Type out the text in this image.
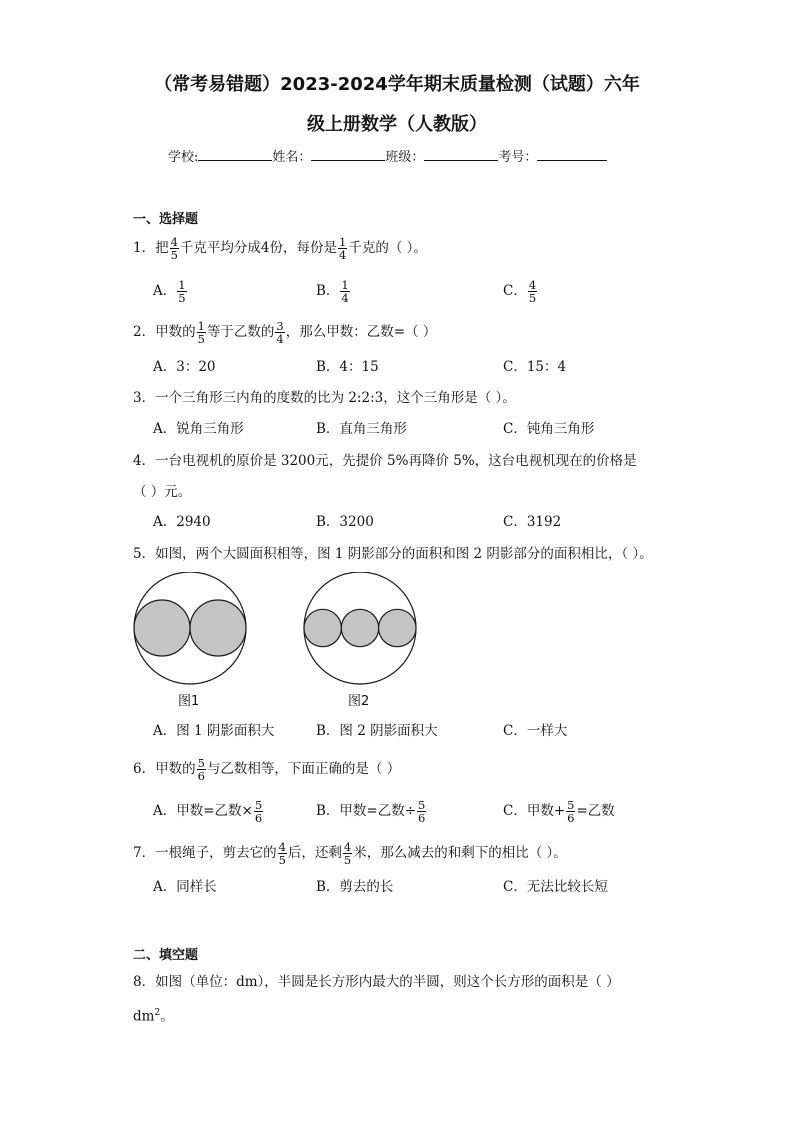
（常考易错题）2023-2024学年期末质量检测（试题）六年
级上册数学（人教版）
学校:	姓名：	班级：	考号：
一、选择题
1．把 $\frac{4}{5}$ 千克平均分成4份，每份是 $\frac{1}{4}$ 千克的（ ）。
A． $\frac{1}{5}$	B． $\frac{1}{4}$	C． $\frac{4}{5}$
2．甲数的 $\frac{1}{5}$ 等于乙数的 $\frac{3}{4}$ ，那么甲数：乙数=（ ）
A．3：20	B．4：15	C．15：4
3．一个三角形三内角的度数的比为 2:2:3，这个三角形是（ ）。
A．锐角三角形	B．直角三角形	C．钝角三角形
4．一台电视机的原价是 3200元，先提价 5%再降价 5%，这台电视机现在的价格是
（ ）元。
A．2940	B．3200	C．3192
5．如图，两个大圆面积相等，图 1 阴影部分的面积和图 2 阴影部分的面积相比，（ ）。
图1	图2
A．图 1 阴影面积大	B．图 2 阴影面积大	C．一样大
6．甲数的 $\frac{5}{6}$ 与乙数相等，下面正确的是（ ）
A．甲数=乙数× $\frac{5}{6}$	B．甲数=乙数÷ $\frac{5}{6}$	C．甲数+ $\frac{5}{6}$ =乙数
7．一根绳子，剪去它的 $\frac{4}{5}$ 后，还剩 $\frac{4}{5}$ 米，那么减去的和剩下的相比（ ）。
A．同样长	B．剪去的长	C．无法比较长短
二、填空题
8．如图（单位：dm），半圆是长方形内最大的半圆，则这个长方形的面积是（ ）
$dm^2$。
